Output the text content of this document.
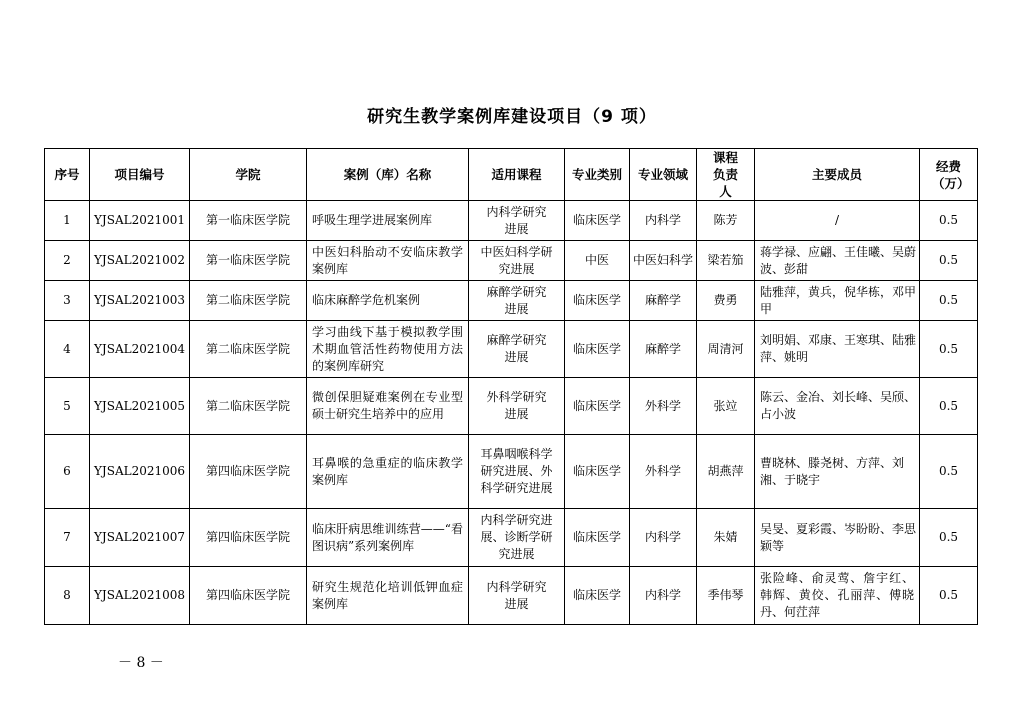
研究生教学案例库建设项目（9 项）
序号	项目编号	学院	案例（库）名称	适用课程	专业类别	专业领域	课程负责人	主要成员	经费（万）
1	YJSAL2021001	第一临床医学院	呼吸生理学进展案例库	内科学研究进展	临床医学	内科学	陈芳	/	0.5
2	YJSAL2021002	第一临床医学院	中医妇科胎动不安临床教学案例库	中医妇科学研究进展	中医	中医妇科学	梁若笳	蒋学禄、应翩、王佳曦、吴蔚波、彭甜	0.5
3	YJSAL2021003	第二临床医学院	临床麻醉学危机案例	麻醉学研究进展	临床医学	麻醉学	费勇	陆雅萍，黄兵，倪华栋，邓甲甲	0.5
4	YJSAL2021004	第二临床医学院	学习曲线下基于模拟教学围术期血管活性药物使用方法的案例库研究	麻醉学研究进展	临床医学	麻醉学	周清河	刘明娟、邓康、王寒琪、陆雅萍、姚明	0.5
5	YJSAL2021005	第二临床医学院	微创保胆疑难案例在专业型硕士研究生培养中的应用	外科学研究进展	临床医学	外科学	张竝	陈云、金冶、刘长峰、吴颀、占小波	0.5
6	YJSAL2021006	第四临床医学院	耳鼻喉的急重症的临床教学案例库	耳鼻咽喉科学研究进展、外科学研究进展	临床医学	外科学	胡燕萍	曹晓林、滕尧树、方萍、刘湘、于晓宇	0.5
7	YJSAL2021007	第四临床医学院	临床肝病思维训练营——“看图识病”系列案例库	内科学研究进展、诊断学研究进展	临床医学	内科学	朱婧	吴旻、夏彩霞、岑盼盼、李思颖等	0.5
8	YJSAL2021008	第四临床医学院	研究生规范化培训低钾血症案例库	内科学研究进展	临床医学	内科学	季伟琴	张险峰、俞灵莺、詹宇红、韩辉、黄佼、孔丽萍、傅晓丹、何茳萍	0.5
－ 8 －
